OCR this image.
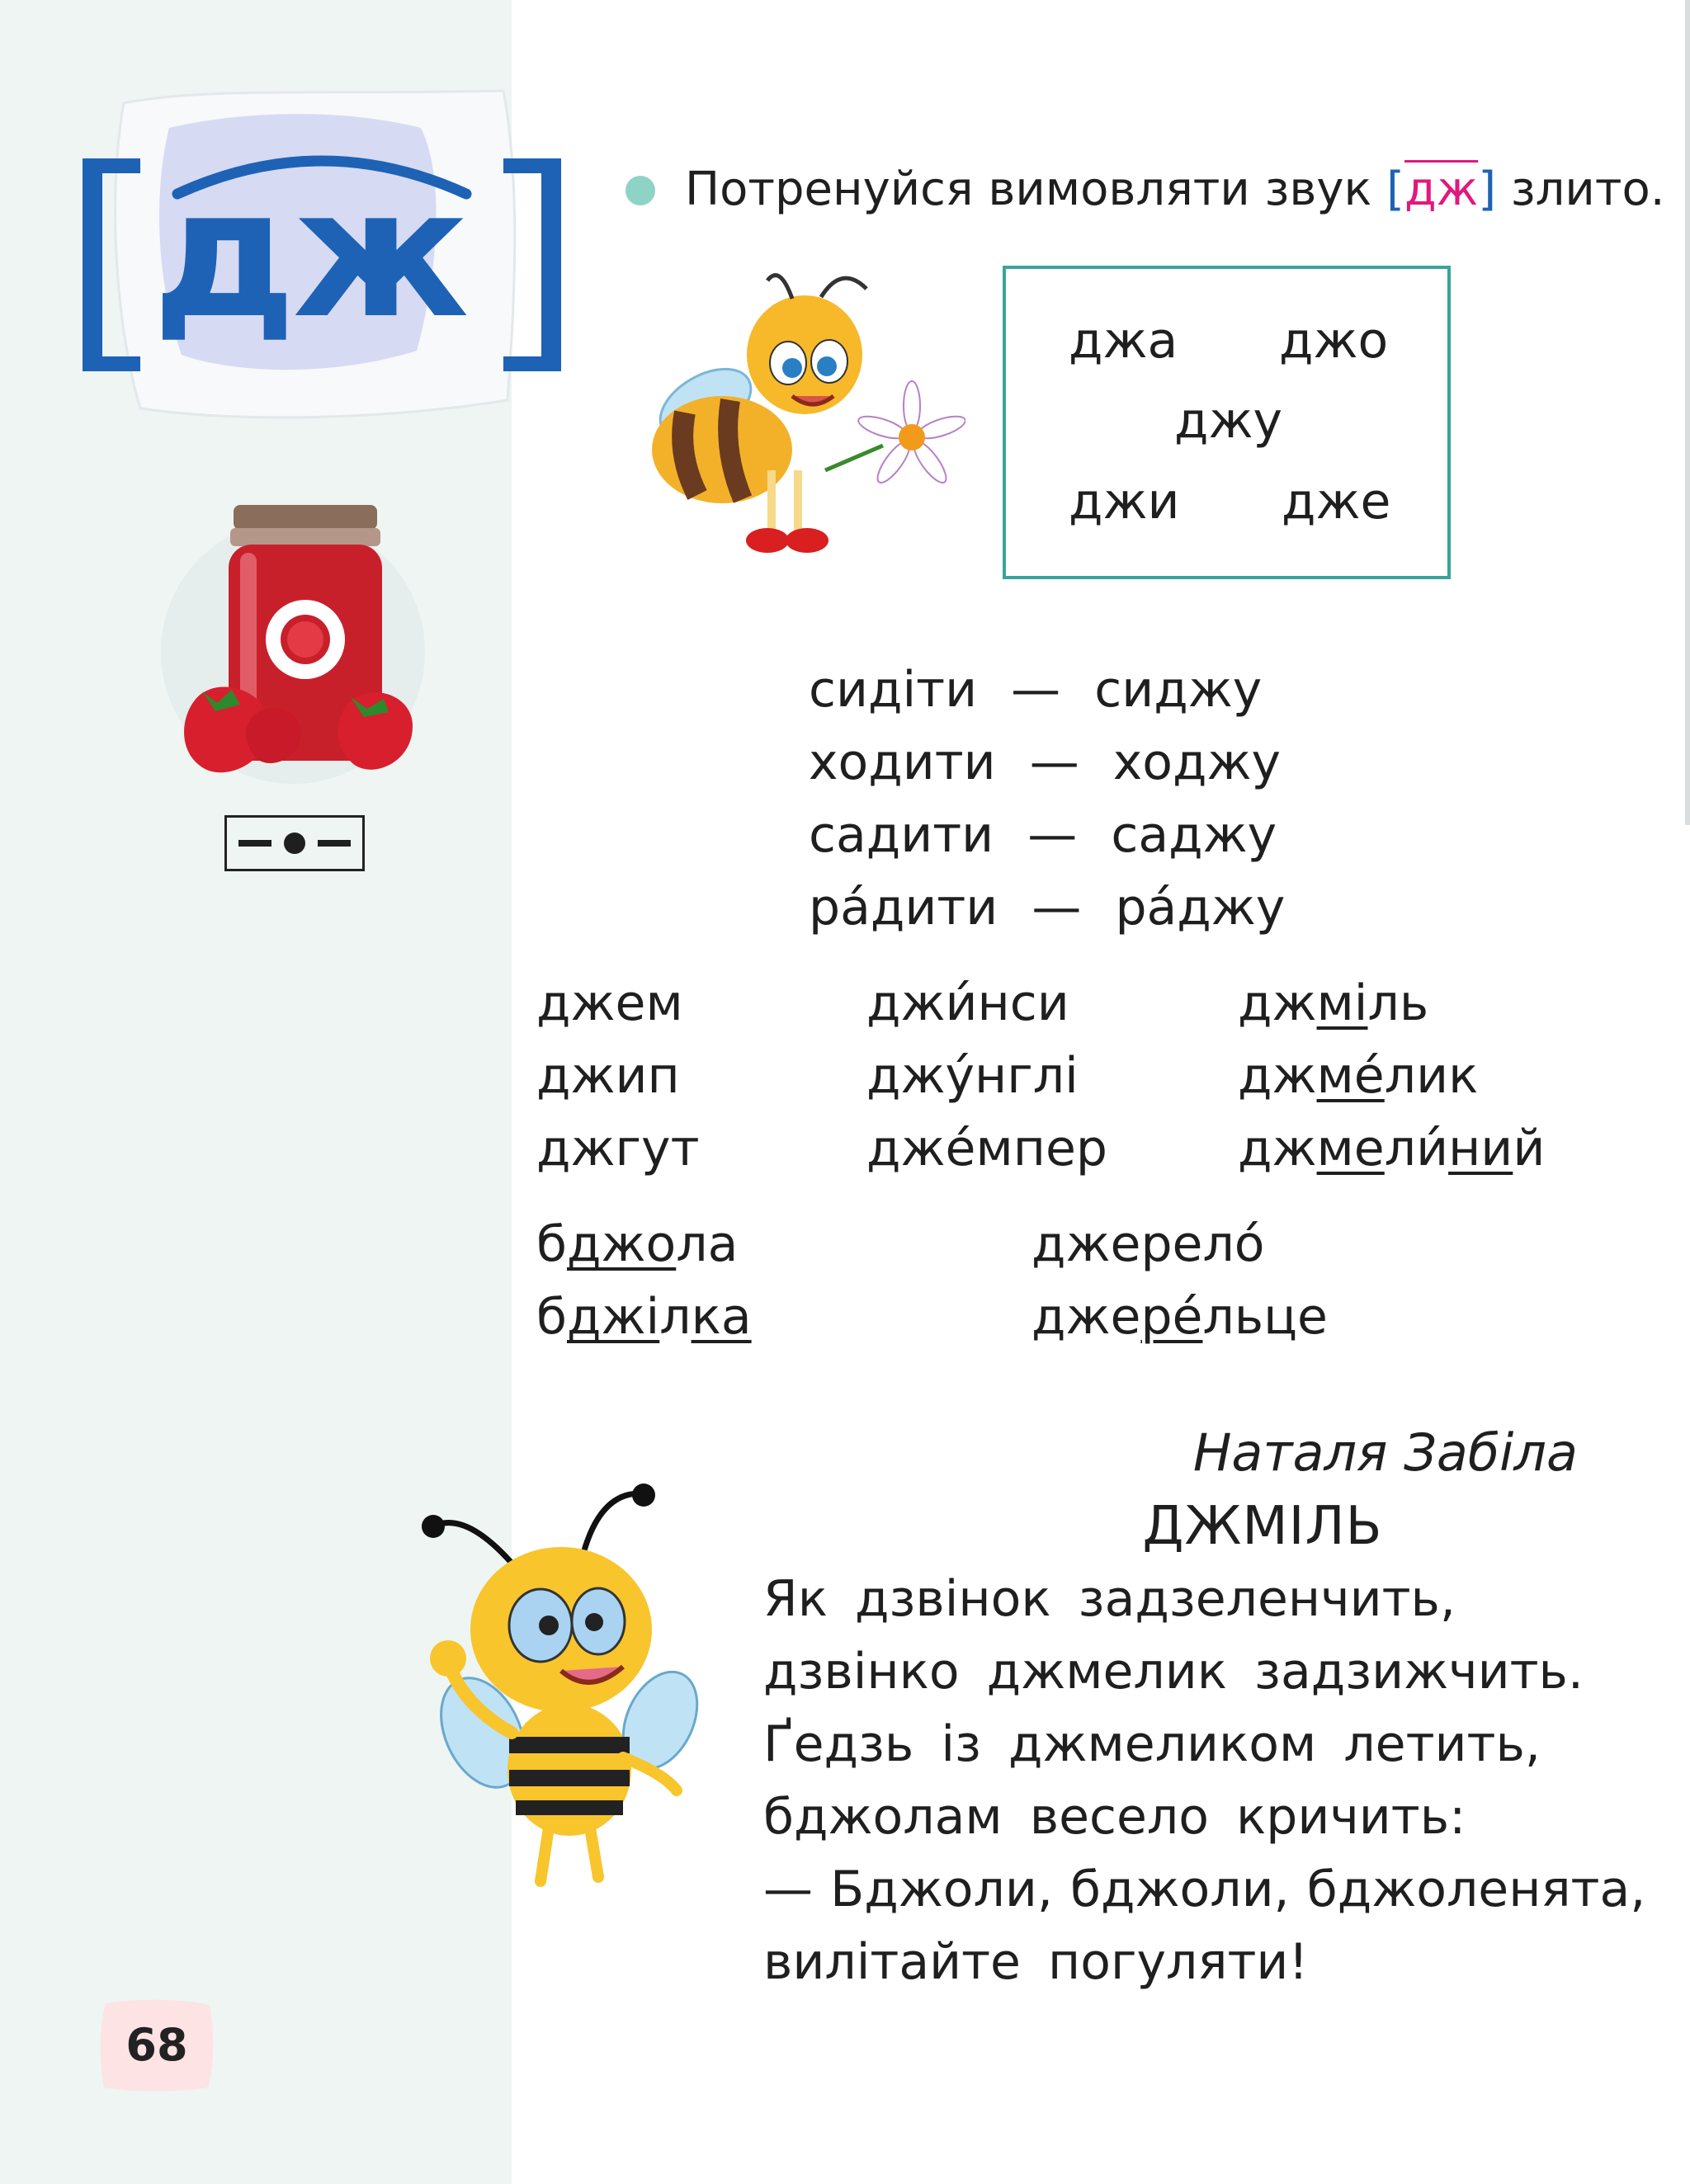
дж	Потренуйся вимовляти звук [дж] злито.
джа джо
джу
джи дже
сидіти — сиджу
ходити — ходжу
садити — саджу
ра́дити — ра́джу
джем
джип
джгут
джи́нси
джу́нглі
дже́мпер
джміль
джме́лик
джмели́ний
бджола
бджілка
джерело́
джере́льце
Наталя Забіла
ДЖМІЛЬ
Як дзвінок задзеленчить,
дзвінко джмелик задзижчить.
Ґедзь із джмеликом летить,
бджолам весело кричить:
— Бджоли, бджоли, бджоленята,
вилітайте погуляти!
68
